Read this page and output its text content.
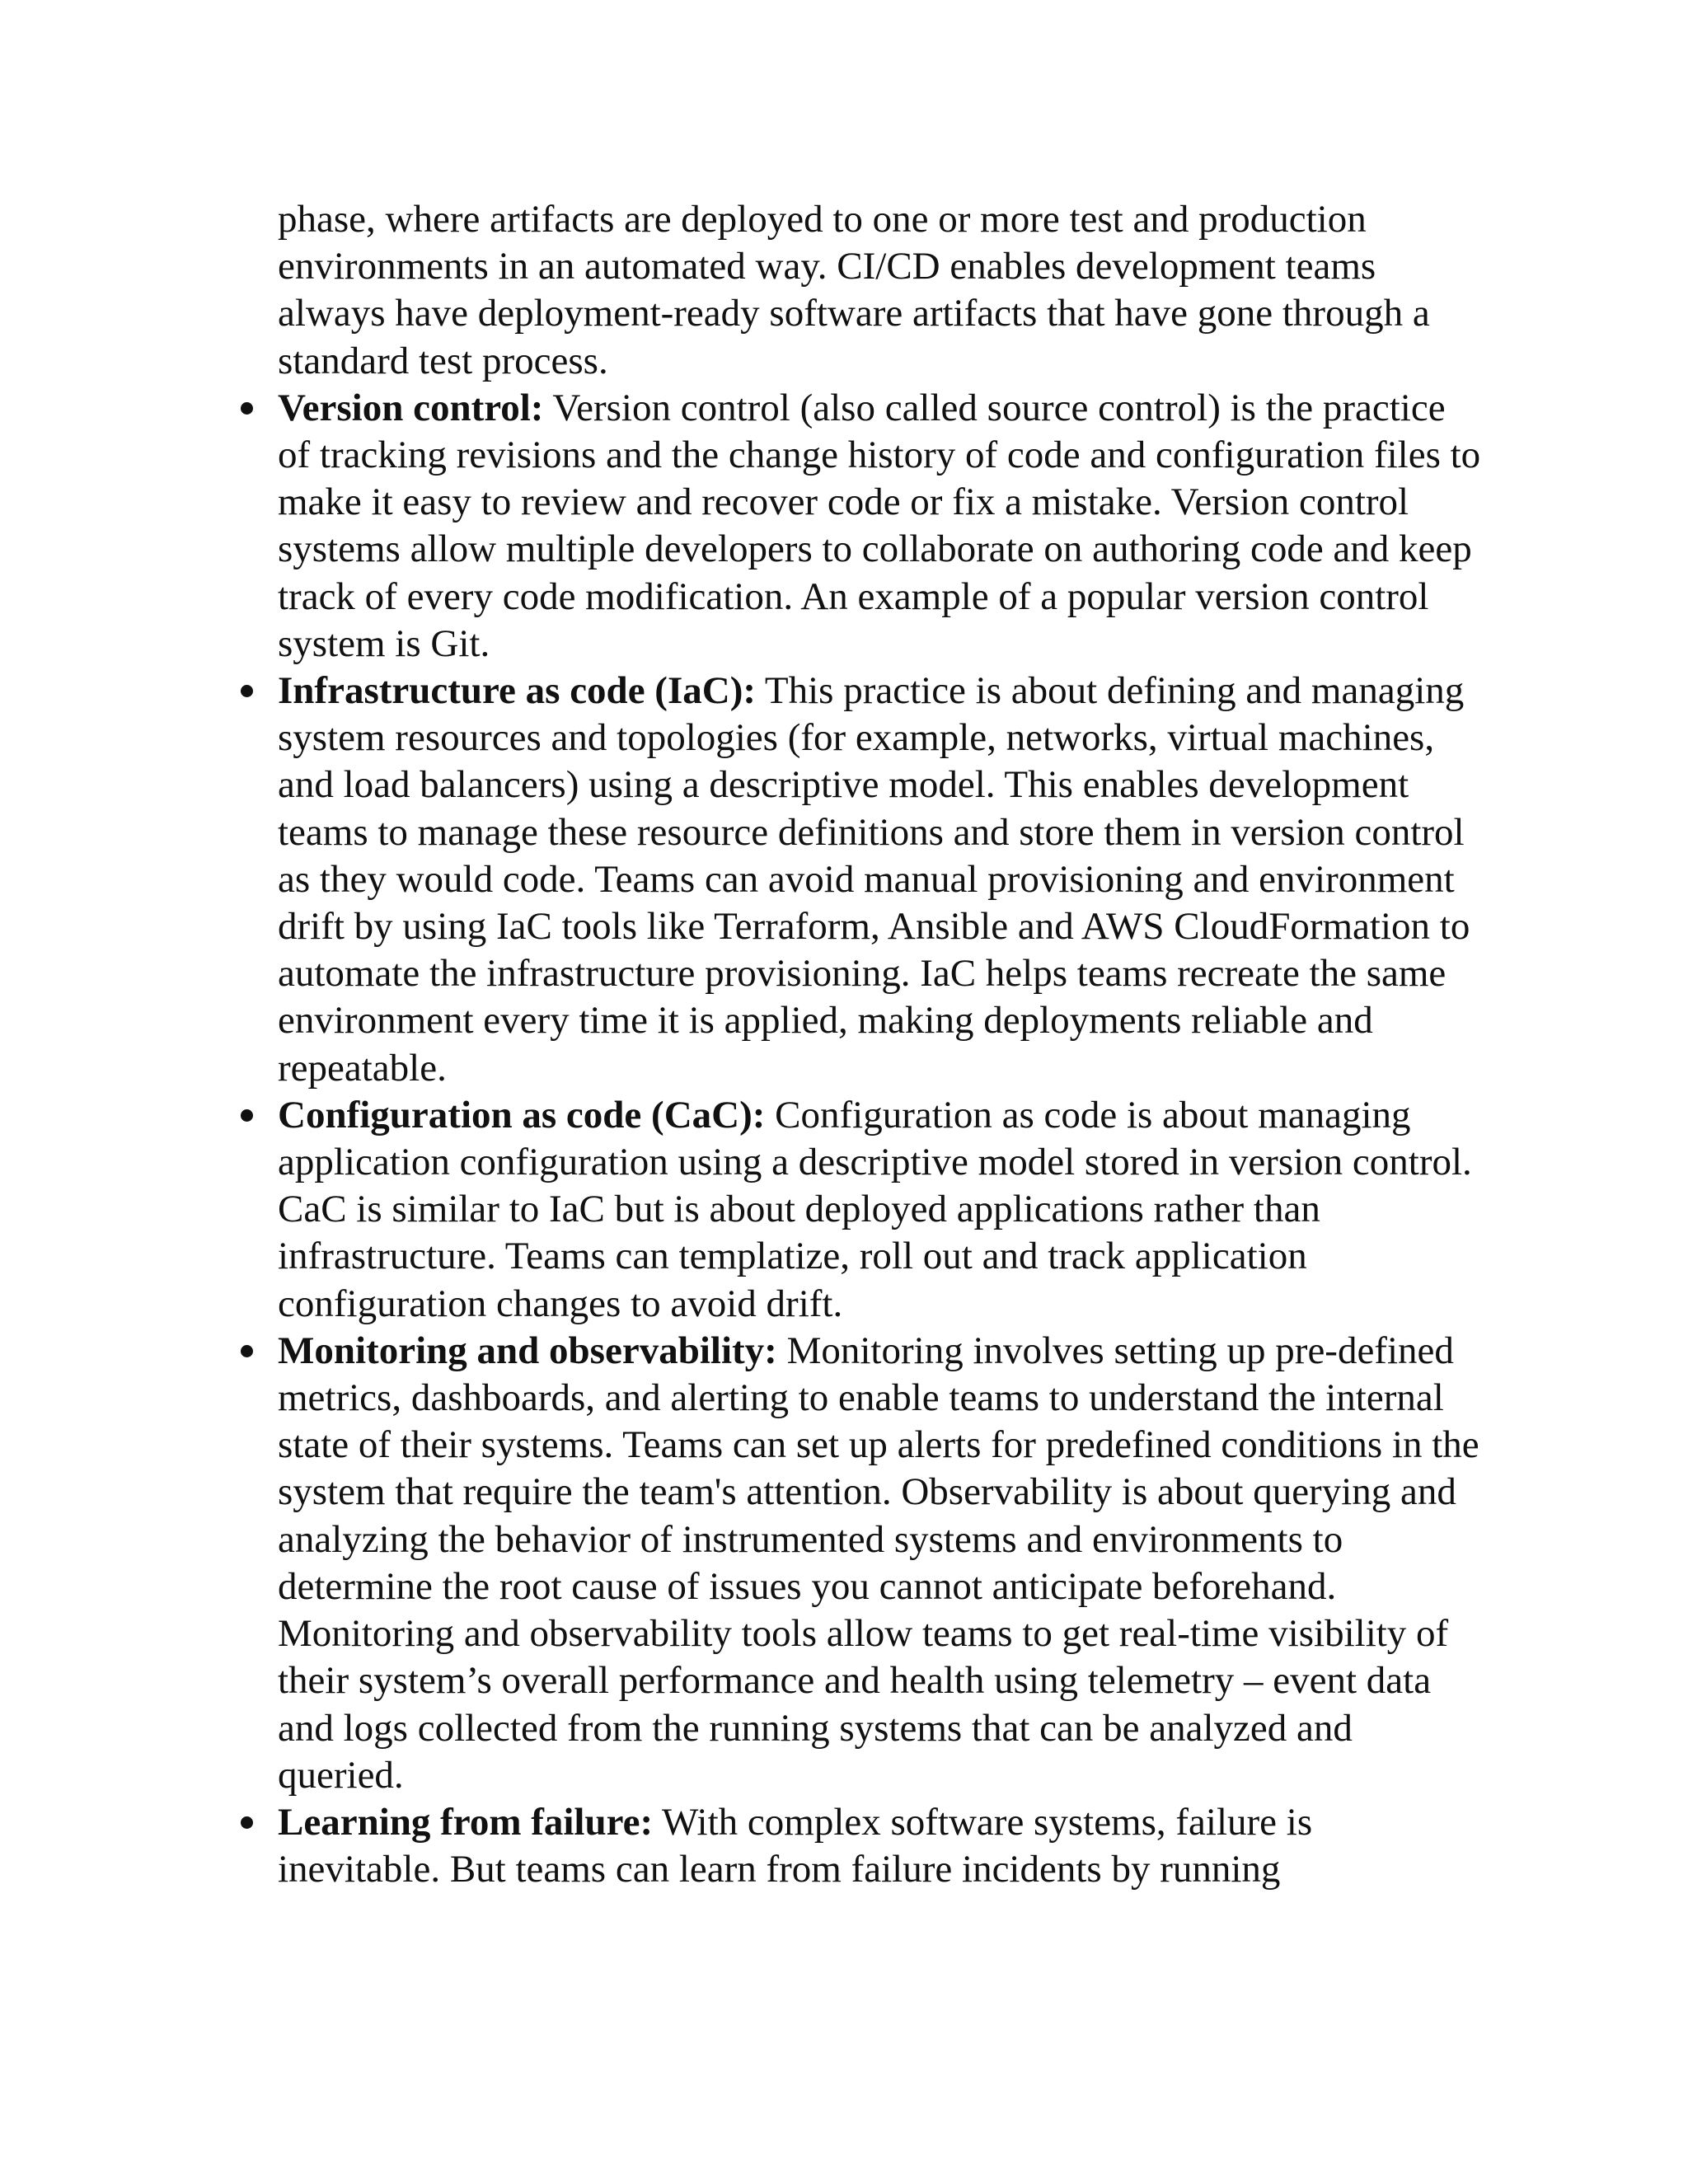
phase, where artifacts are deployed to one or more test and production environments in an automated way. CI/CD enables development teams always have deployment-ready software artifacts that have gone through a standard test process.

Version control: Version control (also called source control) is the practice of tracking revisions and the change history of code and configuration files to make it easy to review and recover code or fix a mistake. Version control systems allow multiple developers to collaborate on authoring code and keep track of every code modification. An example of a popular version control system is Git.
Infrastructure as code (IaC): This practice is about defining and managing system resources and topologies (for example, networks, virtual machines, and load balancers) using a descriptive model. This enables development teams to manage these resource definitions and store them in version control as they would code. Teams can avoid manual provisioning and environment drift by using IaC tools like Terraform, Ansible and AWS CloudFormation to automate the infrastructure provisioning. IaC helps teams recreate the same environment every time it is applied, making deployments reliable and repeatable.
Configuration as code (CaC): Configuration as code is about managing application configuration using a descriptive model stored in version control. CaC is similar to IaC but is about deployed applications rather than infrastructure. Teams can templatize, roll out and track application configuration changes to avoid drift.
Monitoring and observability: Monitoring involves setting up pre-defined metrics, dashboards, and alerting to enable teams to understand the internal state of their systems. Teams can set up alerts for predefined conditions in the system that require the team's attention. Observability is about querying and analyzing the behavior of instrumented systems and environments to determine the root cause of issues you cannot anticipate beforehand. Monitoring and observability tools allow teams to get real-time visibility of their system’s overall performance and health using telemetry – event data and logs collected from the running systems that can be analyzed and queried.
Learning from failure: With complex software systems, failure is inevitable. But teams can learn from failure incidents by running
